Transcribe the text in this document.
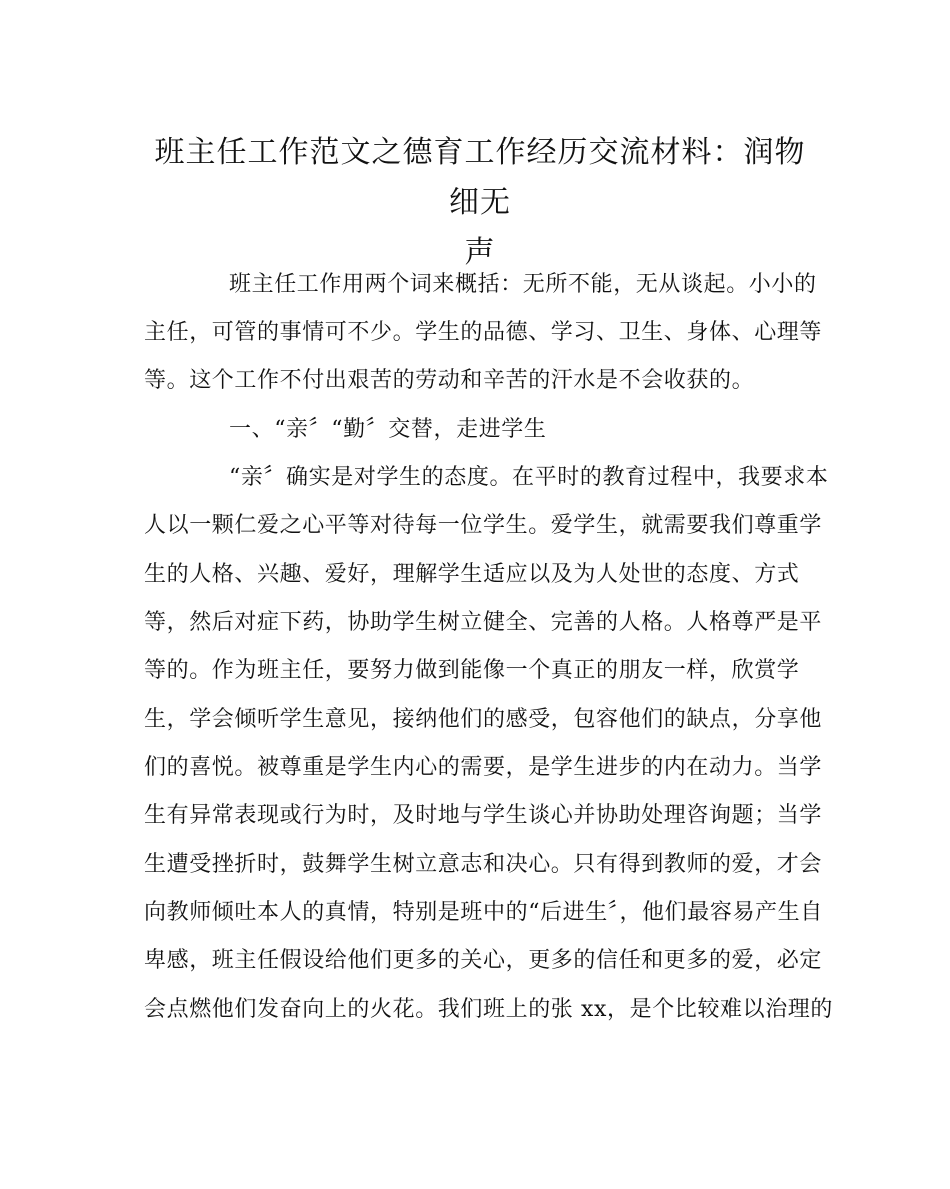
班主任工作范文之德育工作经历交流材料：润物细无
声
班主任工作用两个词来概括：无所不能，无从谈起。小小的
主任，可管的事情可不少。学生的品德、学习、卫生、身体、心理等
等。这个工作不付出艰苦的劳动和辛苦的汗水是不会收获的。
一、“亲〞“勤〞交替，走进学生
“亲〞确实是对学生的态度。在平时的教育过程中，我要求本
人以一颗仁爱之心平等对待每一位学生。爱学生，就需要我们尊重学
生的人格、兴趣、爱好，理解学生适应以及为人处世的态度、方式
等，然后对症下药，协助学生树立健全、完善的人格。人格尊严是平
等的。作为班主任，要努力做到能像一个真正的朋友一样，欣赏学
生，学会倾听学生意见，接纳他们的感受，包容他们的缺点，分享他
们的喜悦。被尊重是学生内心的需要，是学生进步的内在动力。当学
生有异常表现或行为时，及时地与学生谈心并协助处理咨询题；当学
生遭受挫折时，鼓舞学生树立意志和决心。只有得到教师的爱，才会
向教师倾吐本人的真情，特别是班中的“后进生〞，他们最容易产生自
卑感，班主任假设给他们更多的关心，更多的信任和更多的爱，必定
会点燃他们发奋向上的火花。我们班上的张 xx，是个比较难以治理的
